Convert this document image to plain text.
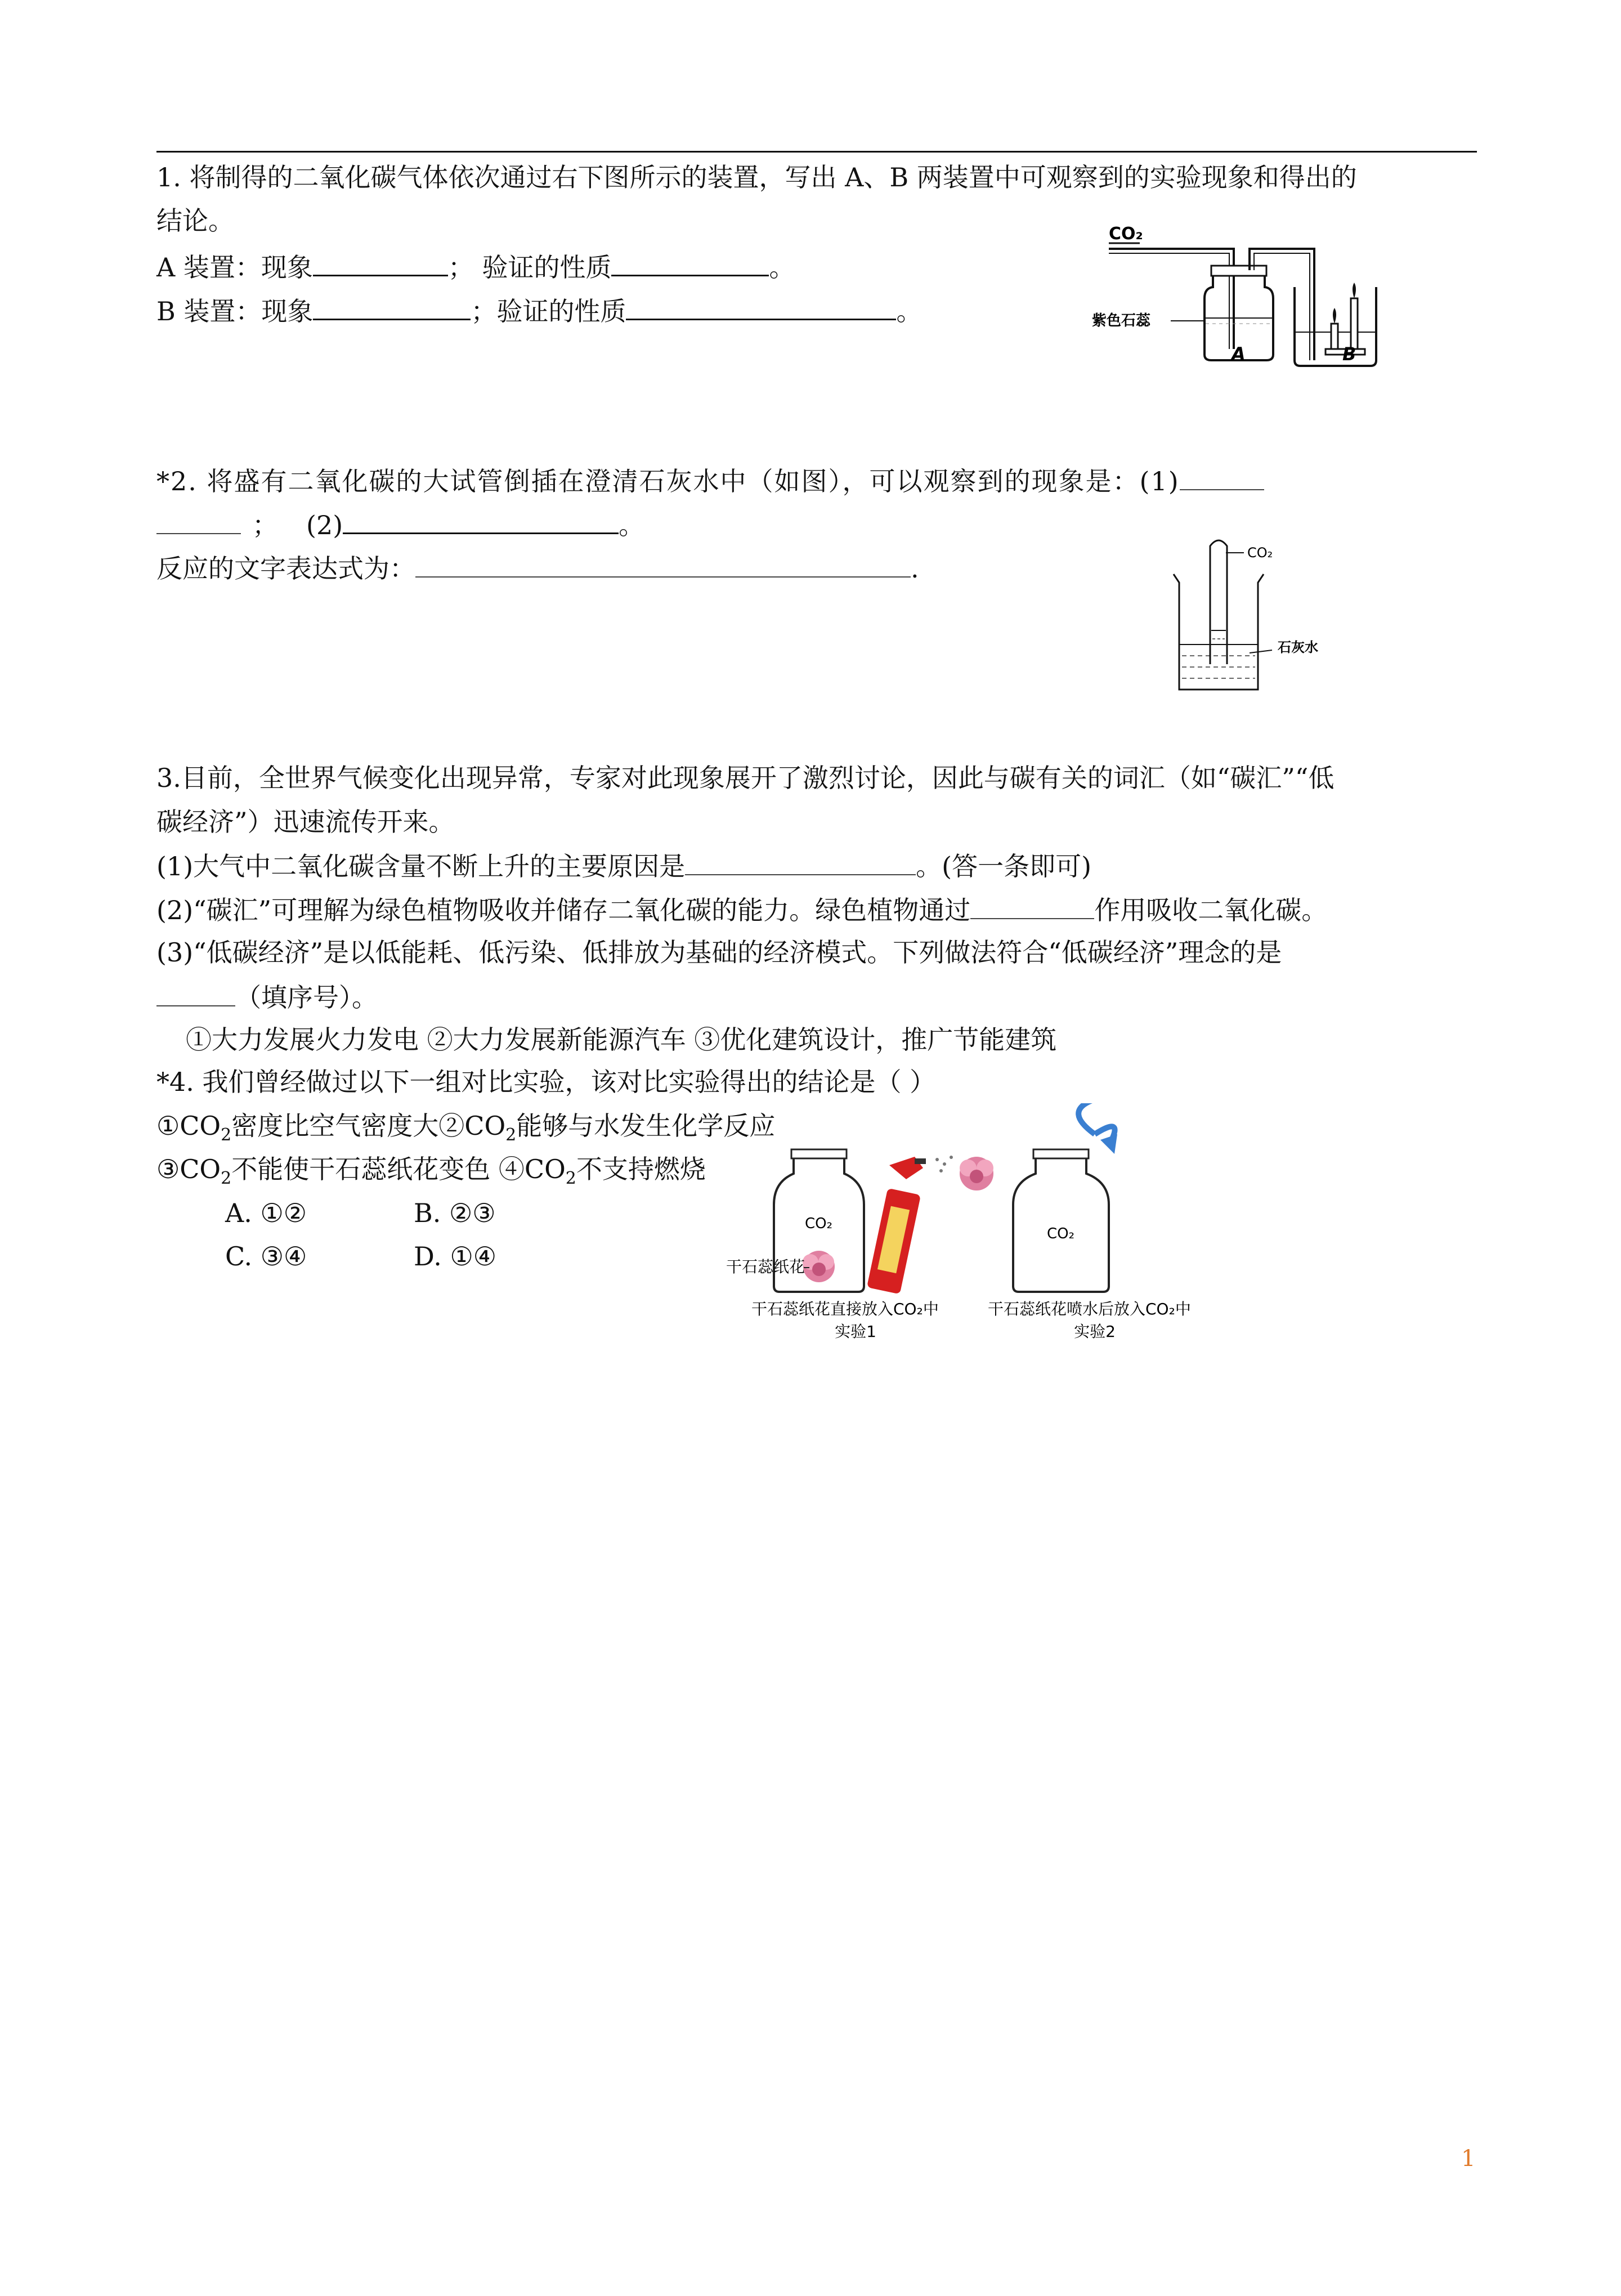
1. 将制得的二氧化碳气体依次通过右下图所示的装置，写出 A、B 两装置中可观察到的实验现象和得出的
结论。
A 装置：现象	； 验证的性质	。
B 装置：现象	；验证的性质	。
CO₂
紫色石蕊
A	B
*2. 将盛有二氧化碳的大试管倒插在澄清石灰水中（如图），可以观察到的现象是：(1)
； (2)	。
反应的文字表达式为：	.
CO₂
石灰水
3.目前，全世界气候变化出现异常，专家对此现象展开了激烈讨论，因此与碳有关的词汇（如“碳汇”“低
碳经济”）迅速流传开来。
(1)大气中二氧化碳含量不断上升的主要原因是	。(答一条即可)
(2)“碳汇”可理解为绿色植物吸收并储存二氧化碳的能力。绿色植物通过	作用吸收二氧化碳。
(3)“低碳经济”是以低能耗、低污染、低排放为基础的经济模式。下列做法符合“低碳经济”理念的是
（填序号）。
①大力发展火力发电 ②大力发展新能源汽车 ③优化建筑设计，推广节能建筑
*4. 我们曾经做过以下一组对比实验，该对比实验得出的结论是（ ）
$①CO_2$密度比空气密度大$②CO_2$能够与水发生化学反应
$③CO_2$不能使干石蕊纸花变色 $④CO_2$不支持燃烧
A. ①②	B. ②③
C. ③④	D. ①④
CO₂
干石蕊纸花
干石蕊纸花直接放入CO₂中
实验1
CO₂
干石蕊纸花喷水后放入CO₂中
实验2
1
